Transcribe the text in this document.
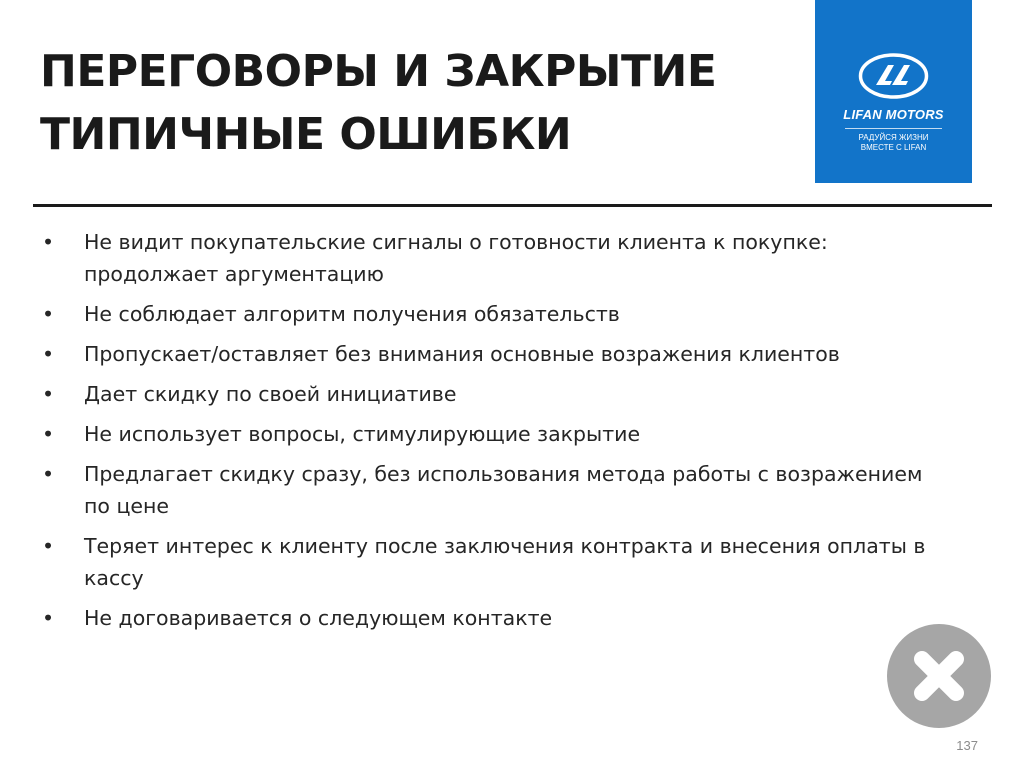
ПЕРЕГОВОРЫ И ЗАКРЫТИЕ
ТИПИЧНЫЕ ОШИБКИ	LIFAN MOTORS
РАДУЙСЯ ЖИЗНИ
ВМЕСТЕ С LIFAN
•	Не видит покупательские сигналы о готовности клиента к покупке: продолжает аргументацию
•	Не соблюдает алгоритм получения обязательств
•	Пропускает/оставляет без внимания основные возражения клиентов
•	Дает скидку по своей инициативе
•	Не использует вопросы, стимулирующие закрытие
•	Предлагает скидку сразу, без использования метода работы с возражением по цене
•	Теряет интерес к клиенту после заключения контракта и внесения оплаты в кассу
•	Не договаривается о следующем контакте
137
